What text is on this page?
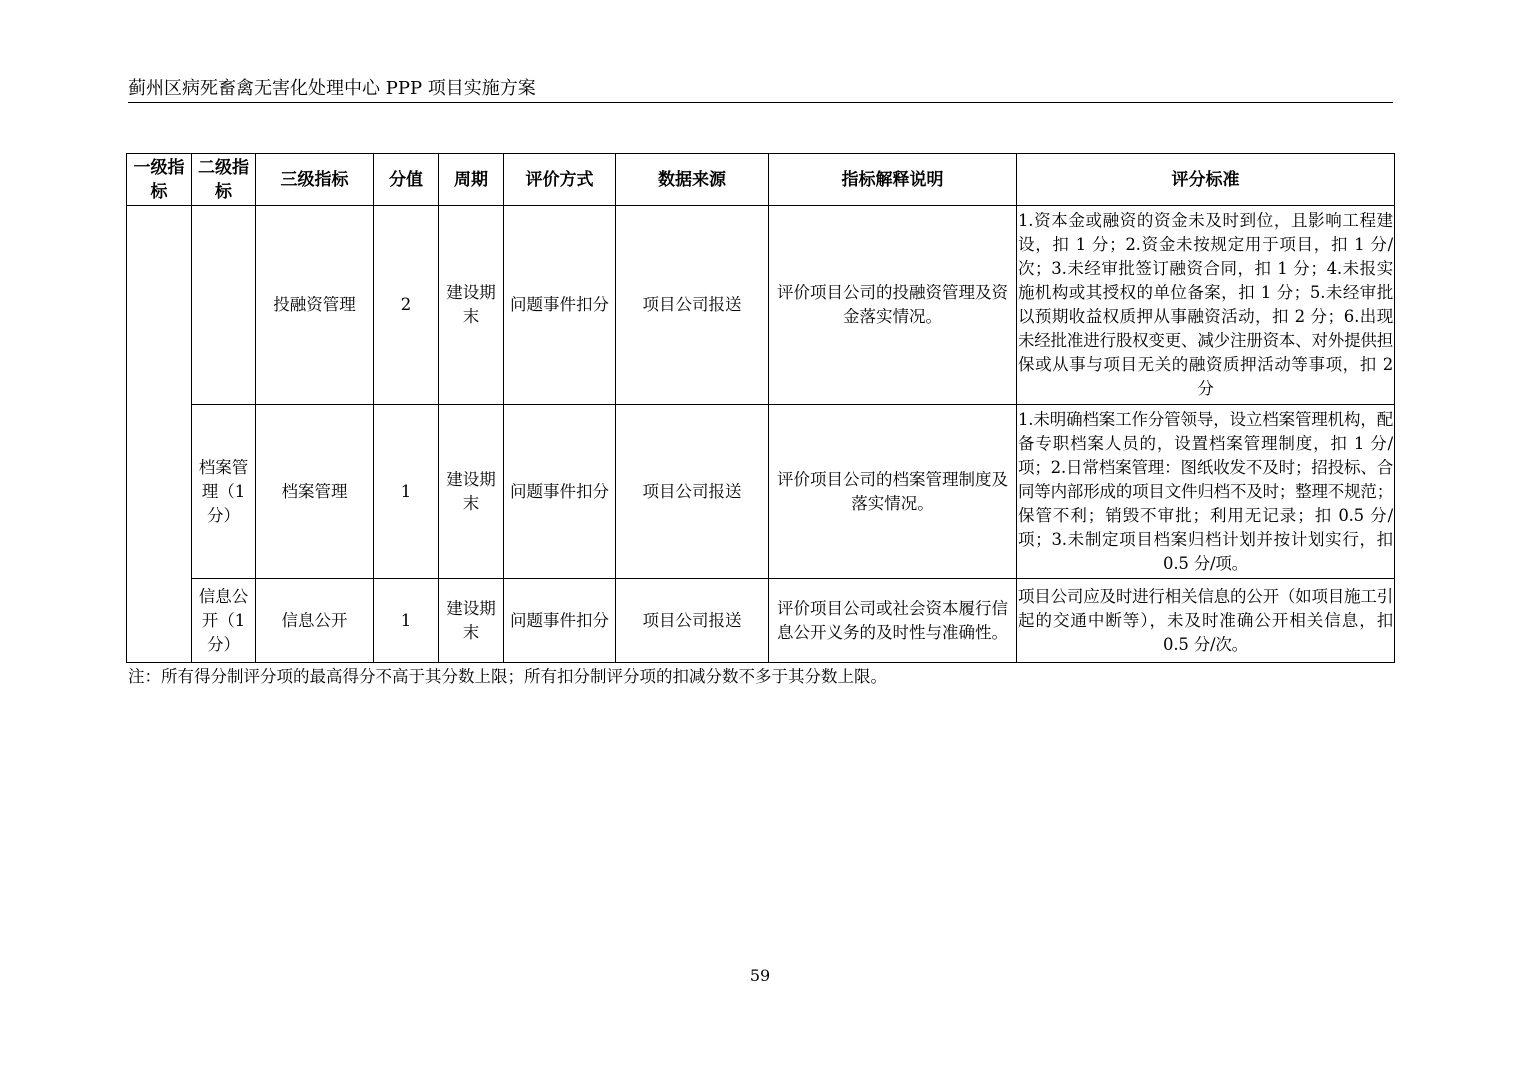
蓟州区病死畜禽无害化处理中心 PPP 项目实施方案
一级指标	二级指标	三级指标	分值	周期	评价方式	数据来源	指标解释说明	评分标准
		投融资管理	2	建设期末	问题事件扣分	项目公司报送	评价项目公司的投融资管理及资金落实情况。	1.资本金或融资的资金未及时到位，且影响工程建设，扣 1 分；2.资金未按规定用于项目，扣 1 分/次；3.未经审批签订融资合同，扣 1 分；4.未报实施机构或其授权的单位备案，扣 1 分；5.未经审批以预期收益权质押从事融资活动，扣 2 分；6.出现未经批准进行股权变更、减少注册资本、对外提供担保或从事与项目无关的融资质押活动等事项，扣 2 分
	档案管理（1 分）	档案管理	1	建设期末	问题事件扣分	项目公司报送	评价项目公司的档案管理制度及落实情况。	1.未明确档案工作分管领导，设立档案管理机构，配备专职档案人员的，设置档案管理制度，扣 1 分/项；2.日常档案管理：图纸收发不及时；招投标、合同等内部形成的项目文件归档不及时；整理不规范；保管不利；销毁不审批；利用无记录；扣 0.5 分/项；3.未制定项目档案归档计划并按计划实行，扣 0.5 分/项。
	信息公开（1 分）	信息公开	1	建设期末	问题事件扣分	项目公司报送	评价项目公司或社会资本履行信息公开义务的及时性与准确性。	项目公司应及时进行相关信息的公开（如项目施工引起的交通中断等），未及时准确公开相关信息，扣 0.5 分/次。
注：所有得分制评分项的最高得分不高于其分数上限；所有扣分制评分项的扣减分数不多于其分数上限。
59
